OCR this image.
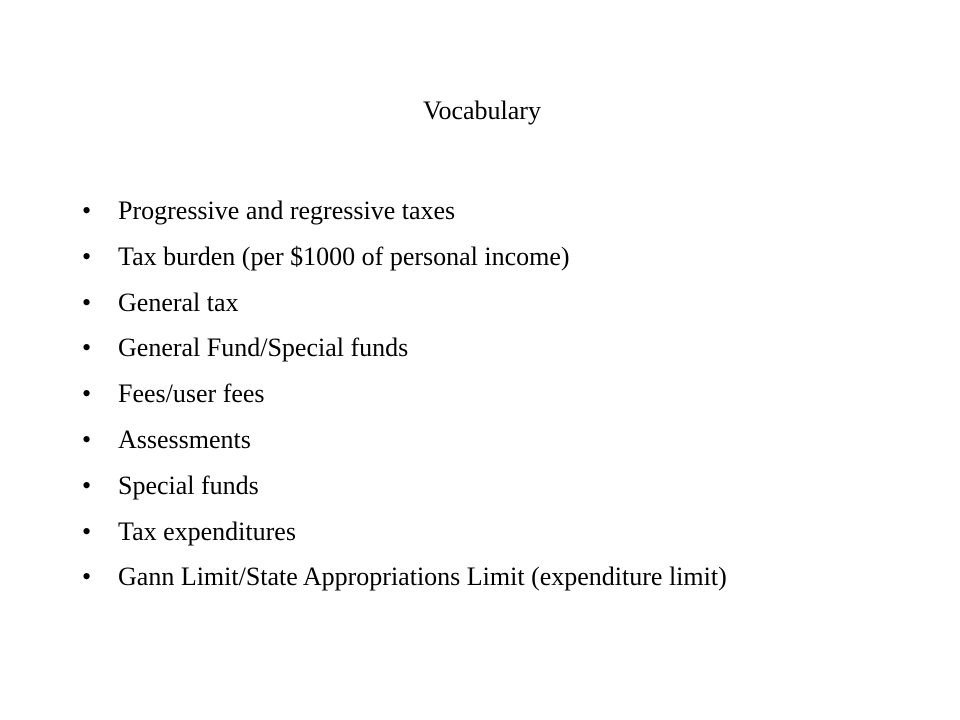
Vocabulary
•	Progressive and regressive taxes
•	Tax burden (per $1000 of personal income)
•	General tax
•	General Fund/Special funds
•	Fees/user fees
•	Assessments
•	Special funds
•	Tax expenditures
•	Gann Limit/State Appropriations Limit (expenditure limit)
